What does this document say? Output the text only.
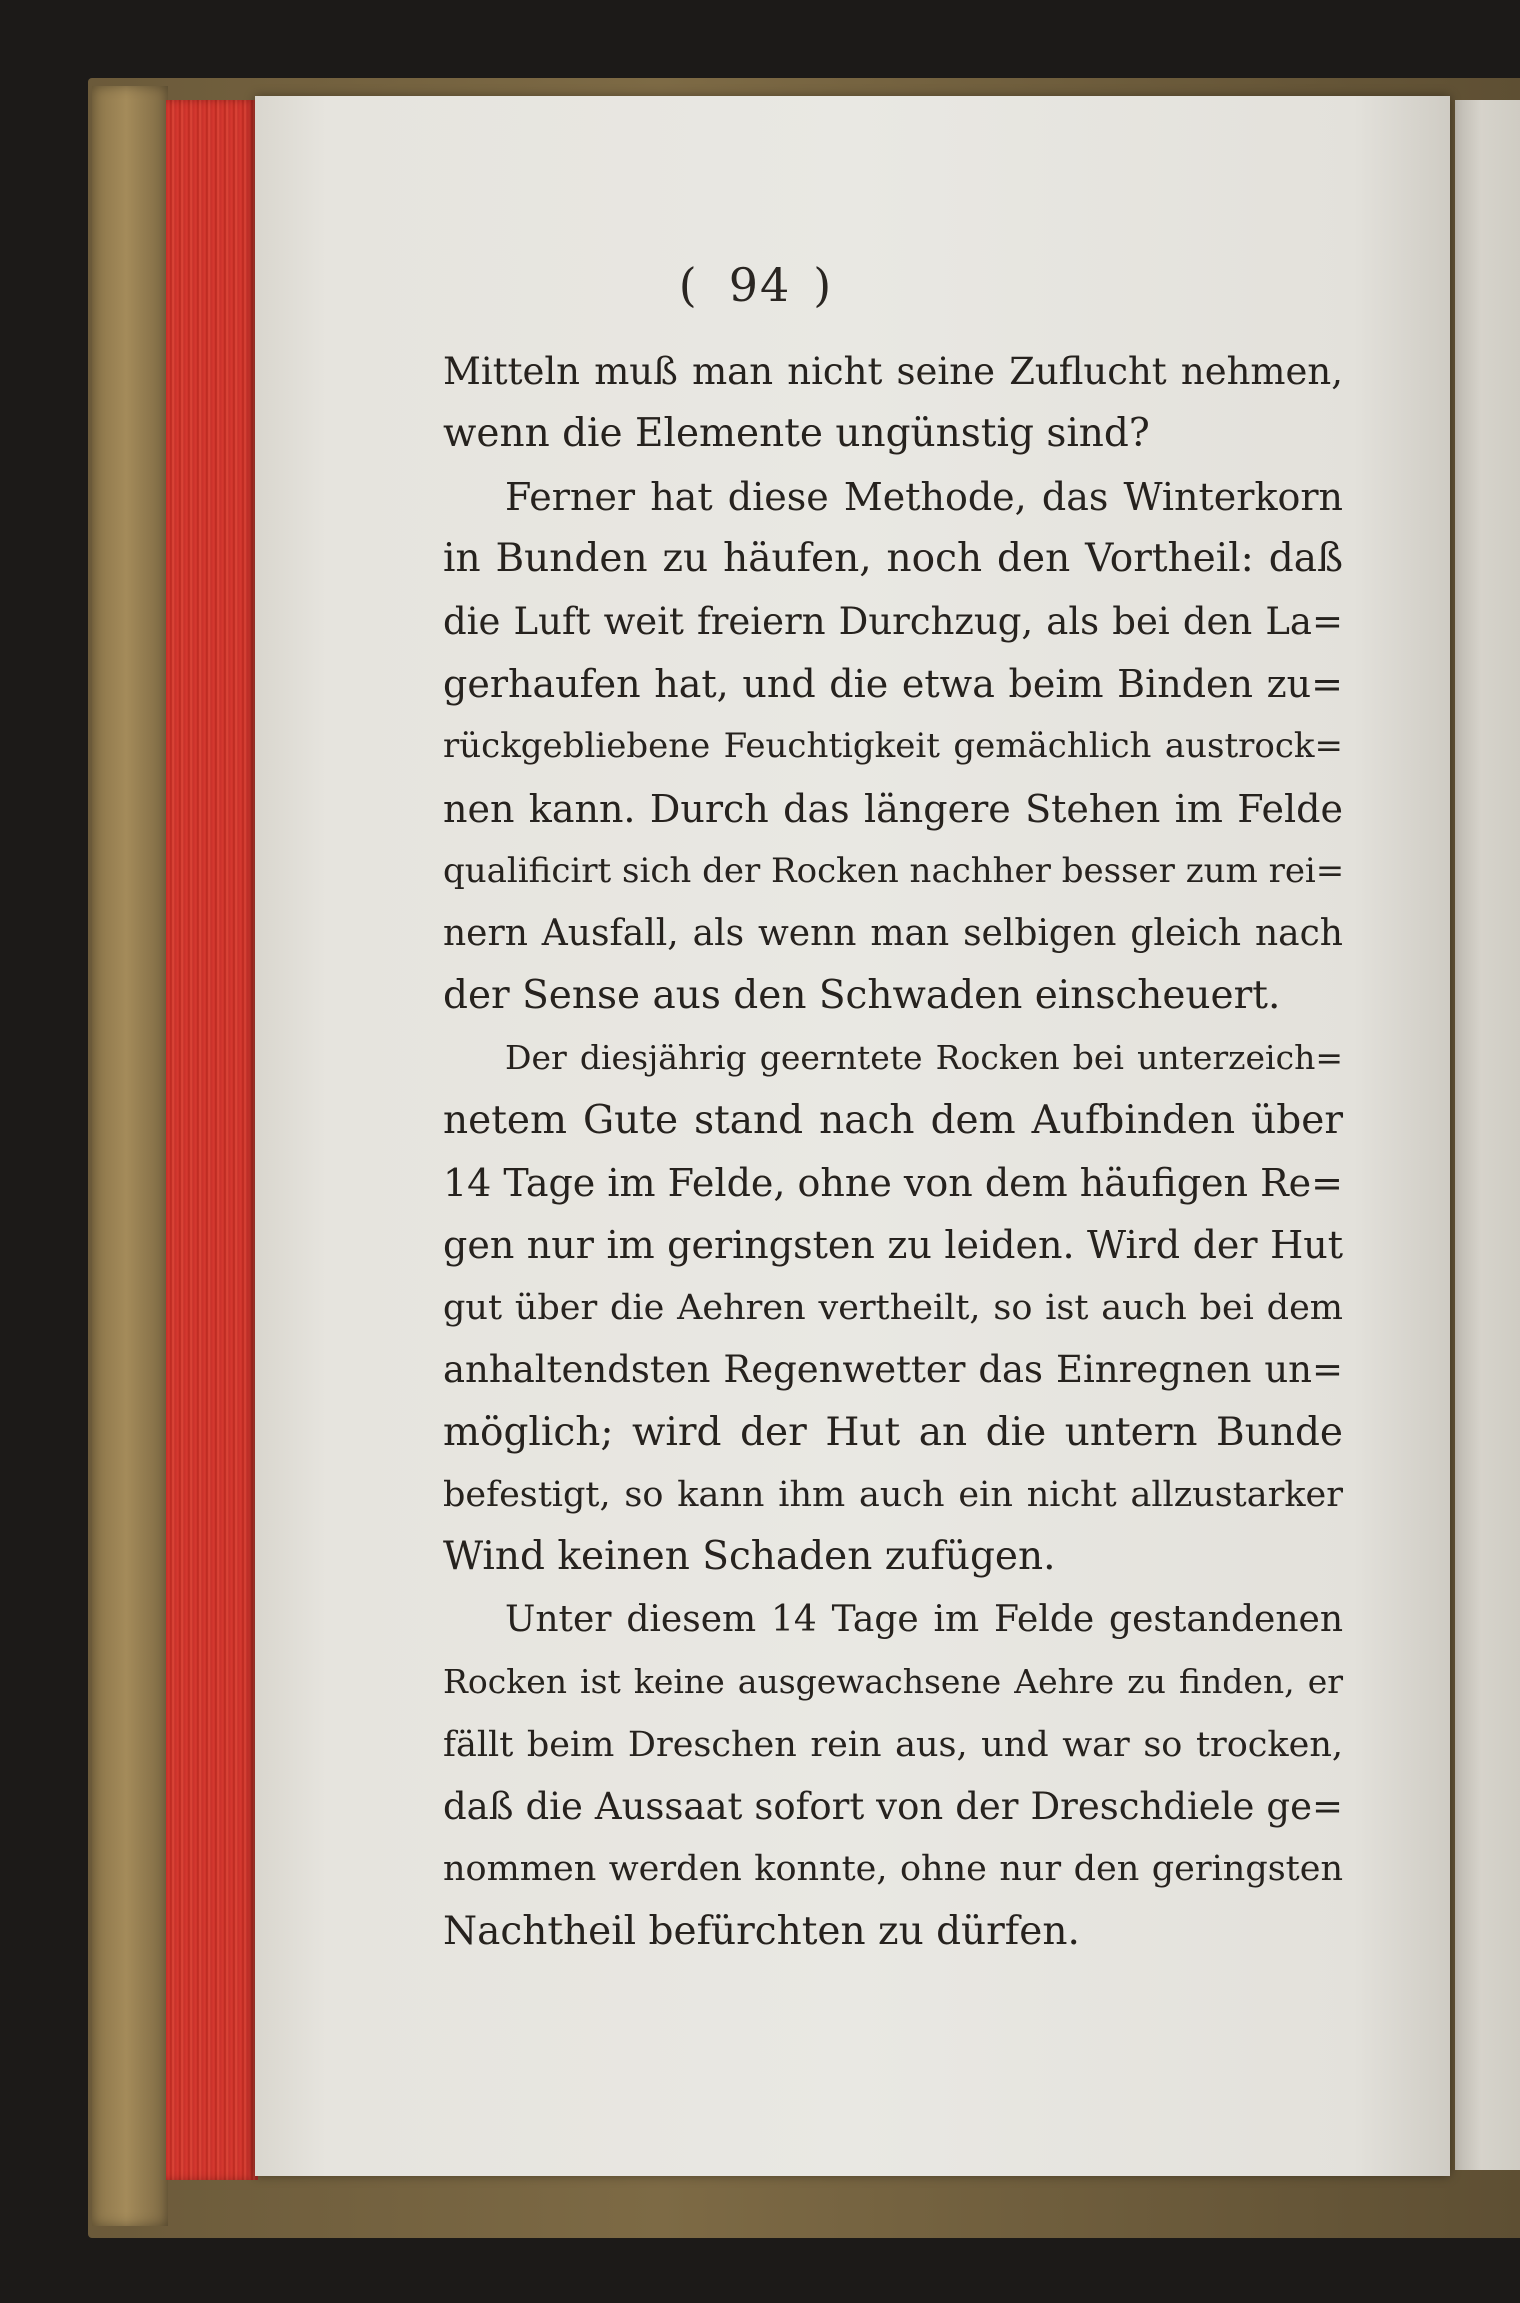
( 94 )
Mitteln muß man nicht seine Zuflucht nehmen,
wenn die Elemente ungünstig sind?
Ferner hat diese Methode, das Winterkorn
in Bunden zu häufen, noch den Vortheil: daß
die Luft weit freiern Durchzug, als bei den La=
gerhaufen hat, und die etwa beim Binden zu=
rückgebliebene Feuchtigkeit gemächlich austrock=
nen kann. Durch das längere Stehen im Felde
qualificirt sich der Rocken nachher besser zum rei=
nern Ausfall, als wenn man selbigen gleich nach
der Sense aus den Schwaden einscheuert.
Der diesjährig geerntete Rocken bei unterzeich=
netem Gute stand nach dem Aufbinden über
14 Tage im Felde, ohne von dem häufigen Re=
gen nur im geringsten zu leiden. Wird der Hut
gut über die Aehren vertheilt, so ist auch bei dem
anhaltendsten Regenwetter das Einregnen un=
möglich; wird der Hut an die untern Bunde
befestigt, so kann ihm auch ein nicht allzustarker
Wind keinen Schaden zufügen.
Unter diesem 14 Tage im Felde gestandenen
Rocken ist keine ausgewachsene Aehre zu finden, er
fällt beim Dreschen rein aus, und war so trocken,
daß die Aussaat sofort von der Dreschdiele ge=
nommen werden konnte, ohne nur den geringsten
Nachtheil befürchten zu dürfen.
